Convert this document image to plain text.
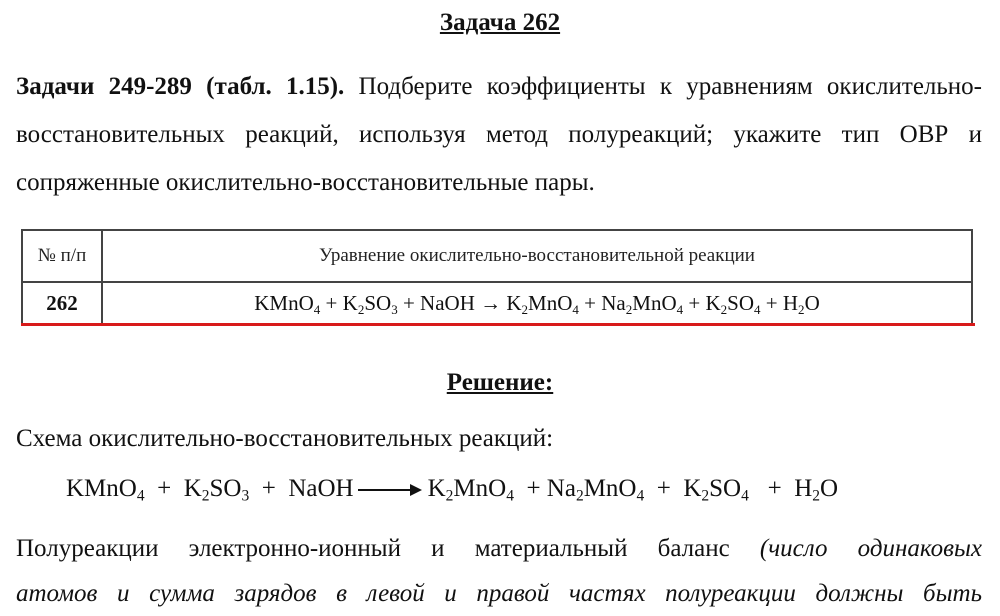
Задача 262
Задачи 249-289 (табл. 1.15). Подберите коэффициенты к уравнениям окислительно-восстановительных реакций, используя метод полуреакций; укажите тип ОВР и сопряженные окислительно-восстановительные пары.
№ п/п	Уравнение окислительно-восстановительной реакции
262	KMnO$_4$ + $K_2SO_3$ + NaOH → $K_2MnO_4 + Na_2MnO_4 + K_2SO_4 + H_2O$
Решение:
Схема окислительно-восстановительных реакций:
KMnO$_4$  +  $K_2SO_3$  +  NaOH	$K_2MnO_4 + Na_2MnO_4 + K_2SO_4 + H_2O$
Полуреакции электронно-ионный и материальный баланс (число одинаковых
атомов и сумма зарядов в левой и правой частях полуреакции должны быть
